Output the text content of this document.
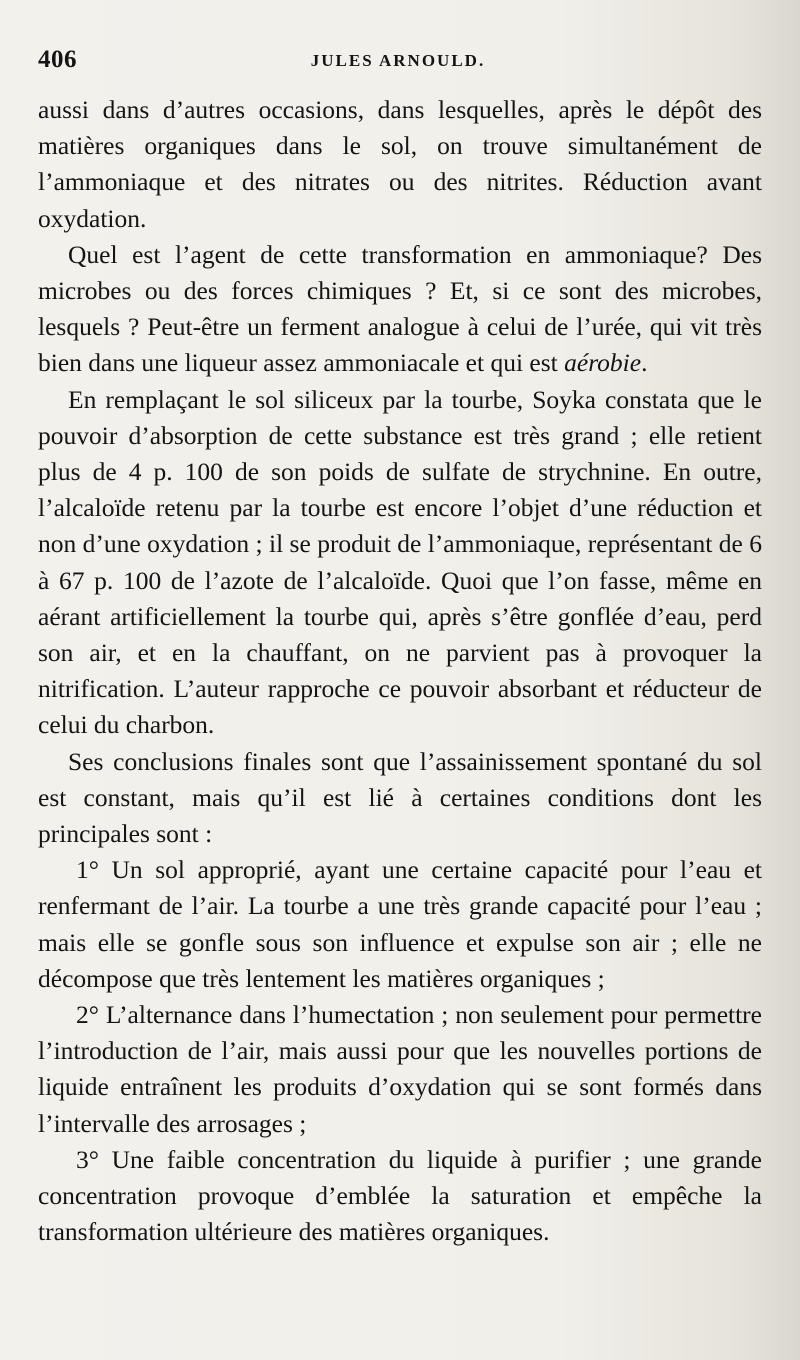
406	JULES ARNOULD.

aussi dans d’autres occasions, dans lesquelles, après le dépôt des matières organiques dans le sol, on trouve simultanément de l’ammoniaque et des nitrates ou des nitrites. Réduction avant oxydation.

Quel est l’agent de cette transformation en ammoniaque? Des microbes ou des forces chimiques ? Et, si ce sont des microbes, lesquels ? Peut-être un ferment analogue à celui de l’urée, qui vit très bien dans une liqueur assez ammoniacale et qui est aérobie.

En remplaçant le sol siliceux par la tourbe, Soyka constata que le pouvoir d’absorption de cette substance est très grand ; elle retient plus de 4 p. 100 de son poids de sulfate de strychnine. En outre, l’alcaloïde retenu par la tourbe est encore l’objet d’une réduction et non d’une oxydation ; il se produit de l’ammoniaque, représentant de 6 à 67 p. 100 de l’azote de l’alcaloïde. Quoi que l’on fasse, même en aérant artificiellement la tourbe qui, après s’être gonflée d’eau, perd son air, et en la chauffant, on ne parvient pas à provoquer la nitrification. L’auteur rapproche ce pouvoir absorbant et réducteur de celui du charbon.

Ses conclusions finales sont que l’assainissement spontané du sol est constant, mais qu’il est lié à certaines conditions dont les principales sont :

1° Un sol approprié, ayant une certaine capacité pour l’eau et renfermant de l’air. La tourbe a une très grande capacité pour l’eau ; mais elle se gonfle sous son influence et expulse son air ; elle ne décompose que très lentement les matières organiques ;

2° L’alternance dans l’humectation ; non seulement pour permettre l’introduction de l’air, mais aussi pour que les nouvelles portions de liquide entraînent les produits d’oxydation qui se sont formés dans l’intervalle des arrosages ;

3° Une faible concentration du liquide à purifier ; une grande concentration provoque d’emblée la saturation et empêche la transformation ultérieure des matières organiques.
